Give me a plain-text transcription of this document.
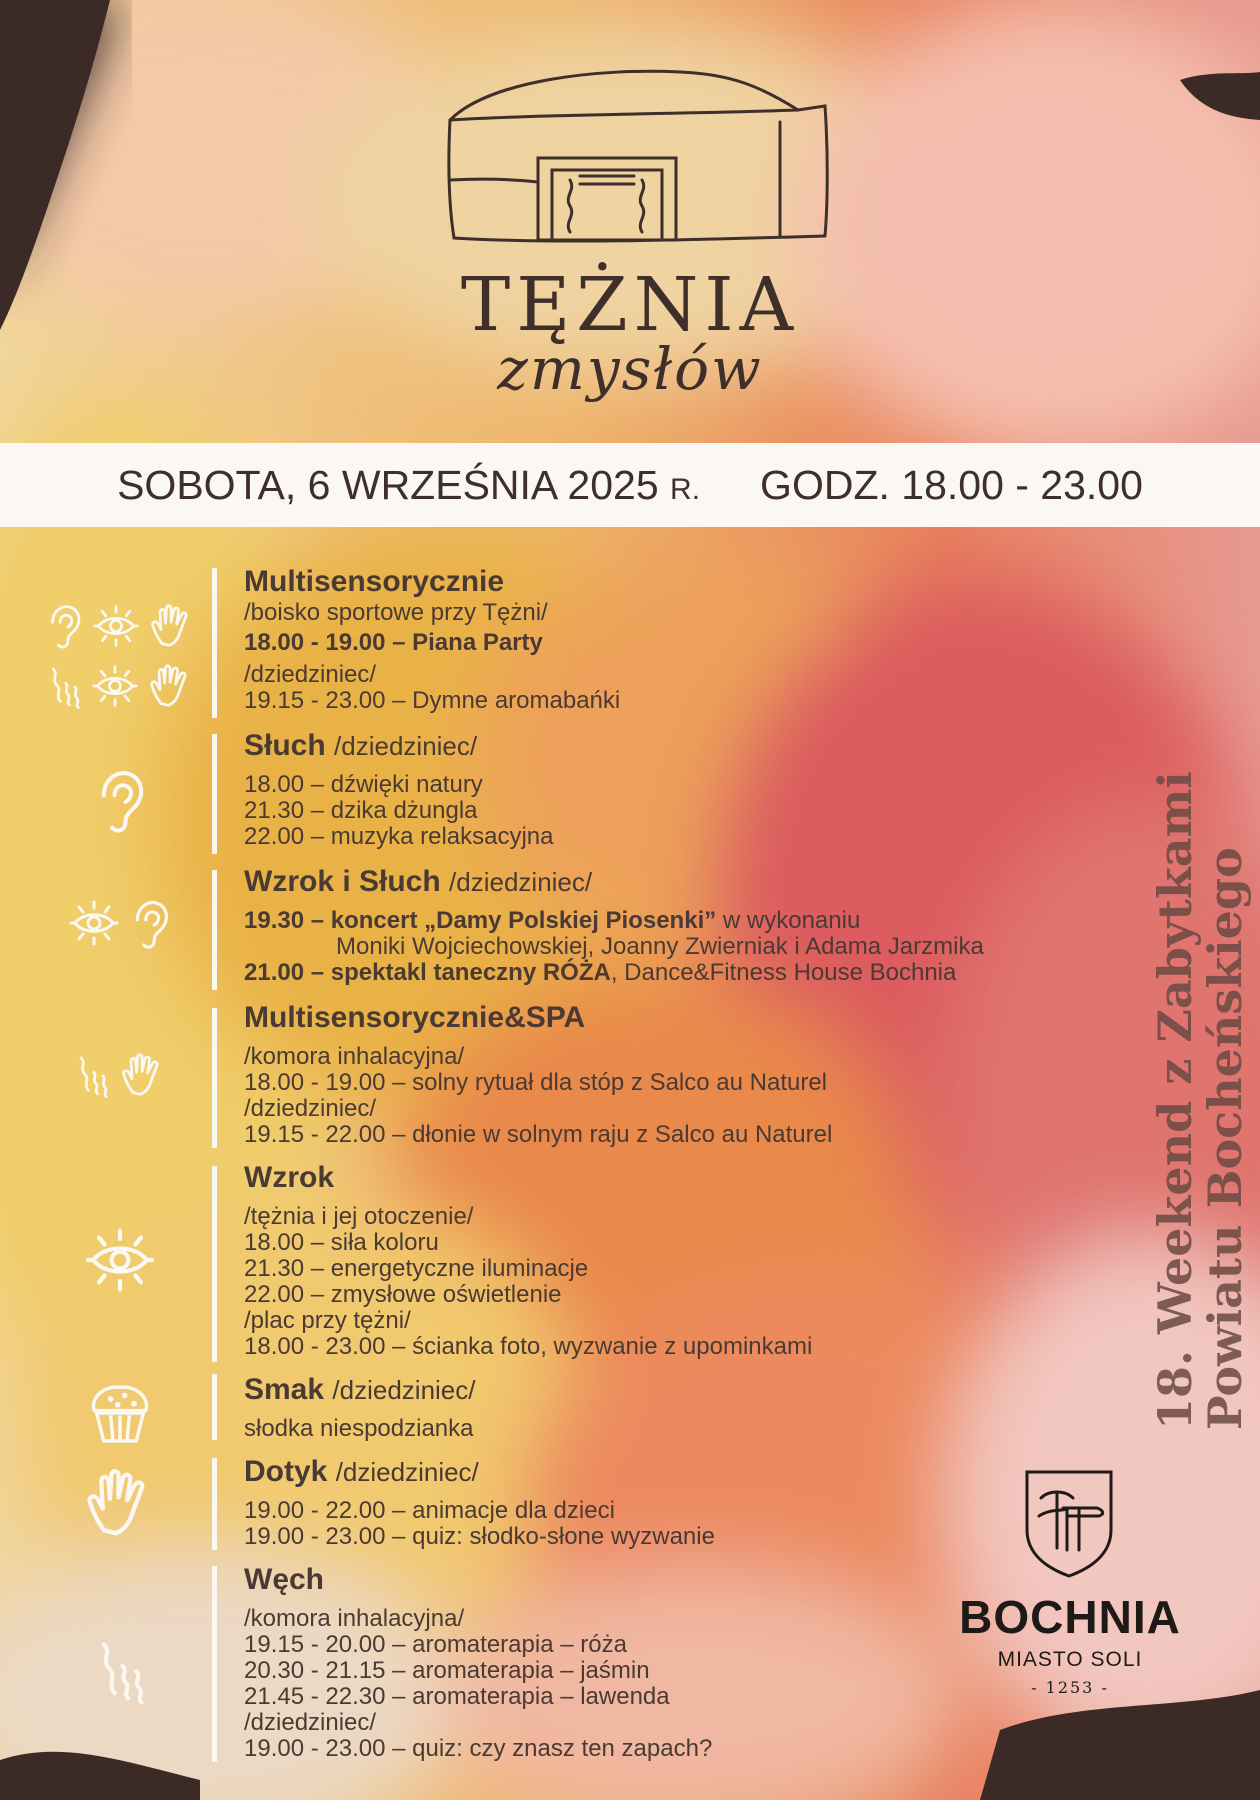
TĘŻNIA
zmysłów
SOBOTA, 6 WRZEŚNIA 2025 R. GODZ. 18.00 - 23.00
Multisensorycznie
/boisko sportowe przy Tężni/
18.00 - 19.00 – Piana Party
/dziedziniec/
19.15 - 23.00 – Dymne aromabańki
Słuch /dziedziniec/
18.00 – dźwięki natury
21.30 – dzika dżungla
22.00 – muzyka relaksacyjna
Wzrok i Słuch /dziedziniec/
19.30 – koncert „Damy Polskiej Piosenki” w wykonaniu
Moniki Wojciechowskiej, Joanny Zwierniak i Adama Jarzmika
21.00 – spektakl taneczny RÓŻA, Dance&Fitness House Bochnia
Multisensorycznie&SPA
/komora inhalacyjna/
18.00 - 19.00 – solny rytuał dla stóp z Salco au Naturel
/dziedziniec/
19.15 - 22.00 – dłonie w solnym raju z Salco au Naturel
Wzrok
/tężnia i jej otoczenie/
18.00 – siła koloru
21.30 – energetyczne iluminacje
22.00 – zmysłowe oświetlenie
/plac przy tężni/
18.00 - 23.00 – ścianka foto, wyzwanie z upominkami
Smak /dziedziniec/
słodka niespodzianka
Dotyk /dziedziniec/
19.00 - 22.00 – animacje dla dzieci
19.00 - 23.00 – quiz: słodko-słone wyzwanie
Węch
/komora inhalacyjna/
19.15 - 20.00 – aromaterapia – róża
20.30 - 21.15 – aromaterapia – jaśmin
21.45 - 22.30 – aromaterapia – lawenda
/dziedziniec/
19.00 - 23.00 – quiz: czy znasz ten zapach?
18. Weekend z Zabytkami
Powiatu Bocheńskiego
BOCHNIA
MIASTO SOLI
- 1253 -
